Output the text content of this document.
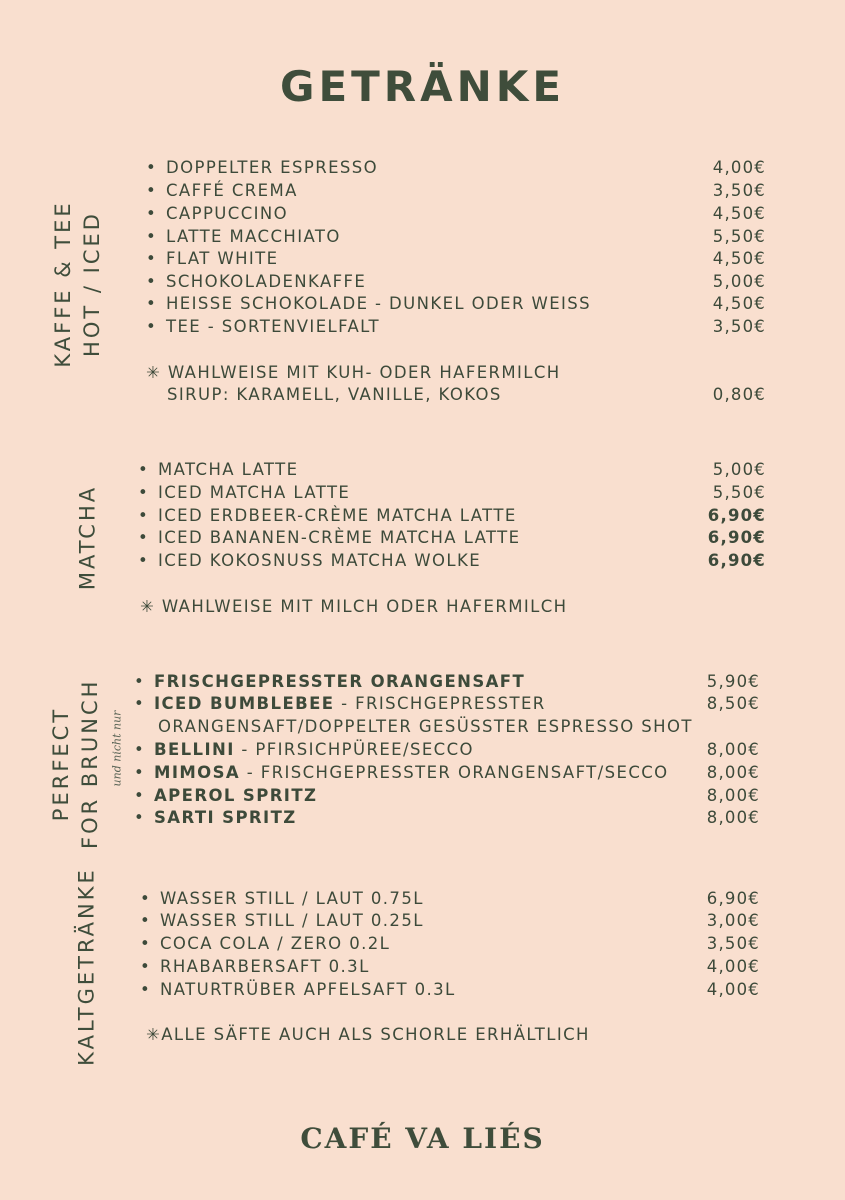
GETRÄNKE
KAFFE & TEE HOT / ICED
• DOPPELTER ESPRESSO	4,00€
• CAFFÉ CREMA	3,50€
• CAPPUCCINO	4,50€
• LATTE MACCHIATO	5,50€
• FLAT WHITE	4,50€
• SCHOKOLADENKAFFE	5,00€
• HEISSE SCHOKOLADE - DUNKEL ODER WEISS	4,50€
• TEE - SORTENVIELFALT	3,50€
✳ WAHLWEISE MIT KUH- ODER HAFERMILCH
SIRUP: KARAMELL, VANILLE, KOKOS	0,80€
MATCHA
• MATCHA LATTE	5,00€
• ICED MATCHA LATTE	5,50€
• ICED ERDBEER-CRÈME MATCHA LATTE	6,90€
• ICED BANANEN-CRÈME MATCHA LATTE	6,90€
• ICED KOKOSNUSS MATCHA WOLKE	6,90€
✳ WAHLWEISE MIT MILCH ODER HAFERMILCH
PERFECT FOR BRUNCH und nicht nur
• FRISCHGEPRESSTER ORANGENSAFT	5,90€
• ICED BUMBLEBEE - FRISCHGEPRESSTER	8,50€
ORANGENSAFT/DOPPELTER GESÜSSTER ESPRESSO SHOT
• BELLINI - PFIRSICHPÜREE/SECCO	8,00€
• MIMOSA - FRISCHGEPRESSTER ORANGENSAFT/SECCO	8,00€
• APEROL SPRITZ	8,00€
• SARTI SPRITZ	8,00€
KALTGETRÄNKE	• WASSER STILL / LAUT 0.75L	6,90€
• WASSER STILL / LAUT 0.25L	3,00€
• COCA COLA / ZERO 0.2L	3,50€
• RHABARBERSAFT 0.3L	4,00€
• NATURTRÜBER APFELSAFT 0.3L	4,00€
✳ALLE SÄFTE AUCH ALS SCHORLE ERHÄLTLICH
CAFÉ VA LIÉS
